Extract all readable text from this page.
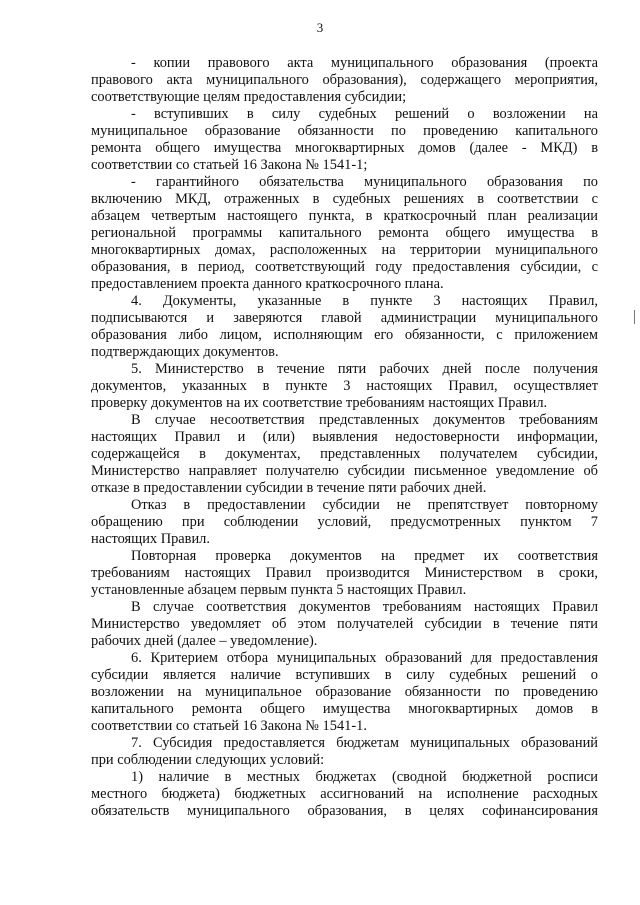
3

- копии правового акта муниципального образования (проекта
правового акта муниципального образования), содержащего мероприятия,
соответствующие целям предоставления субсидии;

- вступивших в силу судебных решений о возложении на
муниципальное образование обязанности по проведению капитального
ремонта общего имущества многоквартирных домов (далее - МКД) в
соответствии со статьей 16 Закона № 1541-1;

- гарантийного обязательства муниципального образования по
включению МКД, отраженных в судебных решениях в соответствии с
абзацем четвертым настоящего пункта, в краткосрочный план реализации
региональной программы капитального ремонта общего имущества в
многоквартирных домах, расположенных на территории муниципального
образования, в период, соответствующий году предоставления субсидии, с
предоставлением проекта данного краткосрочного плана.

4. Документы, указанные в пункте 3 настоящих Правил,
подписываются и заверяются главой администрации муниципального
образования либо лицом, исполняющим его обязанности, с приложением
подтверждающих документов.

5. Министерство в течение пяти рабочих дней после получения
документов, указанных в пункте 3 настоящих Правил, осуществляет
проверку документов на их соответствие требованиям настоящих Правил.

В случае несоответствия представленных документов требованиям
настоящих Правил и (или) выявления недостоверности информации,
содержащейся в документах, представленных получателем субсидии,
Министерство направляет получателю субсидии письменное уведомление об
отказе в предоставлении субсидии в течение пяти рабочих дней.

Отказ в предоставлении субсидии не препятствует повторному
обращению при соблюдении условий, предусмотренных пунктом 7
настоящих Правил.

Повторная проверка документов на предмет их соответствия
требованиям настоящих Правил производится Министерством в сроки,
установленные абзацем первым пункта 5 настоящих Правил.

В случае соответствия документов требованиям настоящих Правил
Министерство уведомляет об этом получателей субсидии в течение пяти
рабочих дней (далее – уведомление).

6. Критерием отбора муниципальных образований для предоставления
субсидии является наличие вступивших в силу судебных решений о
возложении на муниципальное образование обязанности по проведению
капитального ремонта общего имущества многоквартирных домов в
соответствии со статьей 16 Закона № 1541-1.

7. Субсидия предоставляется бюджетам муниципальных образований
при соблюдении следующих условий:

1) наличие в местных бюджетах (сводной бюджетной росписи
местного бюджета) бюджетных ассигнований на исполнение расходных
обязательств муниципального образования, в целях софинансирования
